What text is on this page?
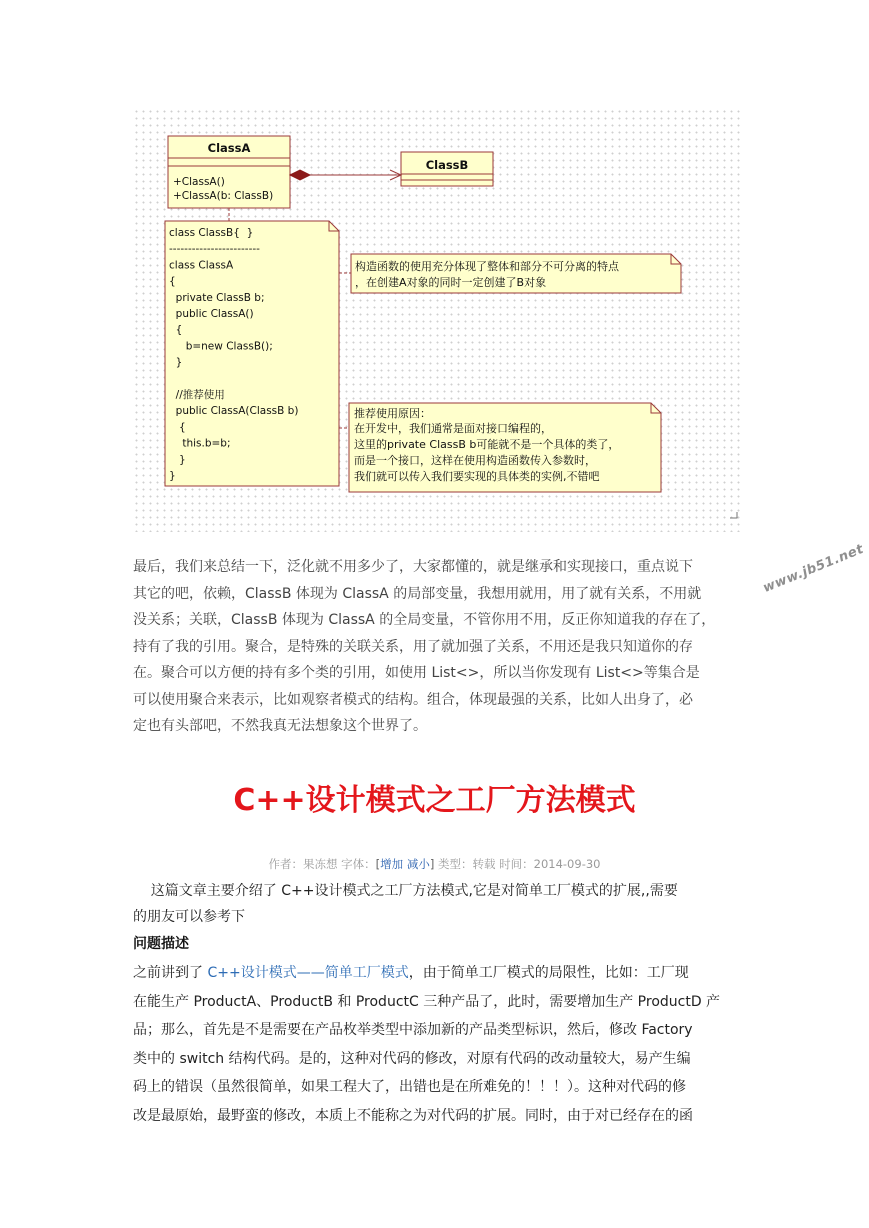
ClassA
+ClassA()
+ClassA(b: ClassB)
ClassB
class ClassB{  }
------------------------
class ClassA
{
private ClassB b;
public ClassA()
{
b=new ClassB();
}
//推荐使用
public ClassA(ClassB b)
{
this.b=b;
}
}
构造函数的使用充分体现了整体和部分不可分离的特点
，在创建A对象的同时一定创建了B对象
推荐使用原因：
在开发中，我们通常是面对接口编程的，
这里的private ClassB b可能就不是一个具体的类了，
而是一个接口，这样在使用构造函数传入参数时，
我们就可以传入我们要实现的具体类的实例,不错吧
www.jb51.net
最后，我们来总结一下，泛化就不用多少了，大家都懂的，就是继承和实现接口，重点说下
其它的吧，依赖，ClassB 体现为 ClassA 的局部变量，我想用就用，用了就有关系，不用就
没关系；关联，ClassB 体现为 ClassA 的全局变量，不管你用不用，反正你知道我的存在了，
持有了我的引用。聚合，是特殊的关联关系，用了就加强了关系，不用还是我只知道你的存
在。聚合可以方便的持有多个类的引用，如使用 List<>，所以当你发现有 List<>等集合是
可以使用聚合来表示，比如观察者模式的结构。组合，体现最强的关系，比如人出身了，必
定也有头部吧，不然我真无法想象这个世界了。
C++设计模式之工厂方法模式
作者：果冻想 字体：[增加 减小] 类型：转载 时间：2014-09-30
这篇文章主要介绍了 C++设计模式之工厂方法模式,它是对简单工厂模式的扩展,,需要
的朋友可以参考下
问题描述
之前讲到了 C++设计模式——简单工厂模式，由于简单工厂模式的局限性，比如：工厂现
在能生产 ProductA、ProductB 和 ProductC 三种产品了，此时，需要增加生产 ProductD 产
品；那么，首先是不是需要在产品枚举类型中添加新的产品类型标识，然后，修改 Factory
类中的 switch 结构代码。是的，这种对代码的修改，对原有代码的改动量较大，易产生编
码上的错误（虽然很简单，如果工程大了，出错也是在所难免的！！！）。这种对代码的修
改是最原始，最野蛮的修改，本质上不能称之为对代码的扩展。同时，由于对已经存在的函
